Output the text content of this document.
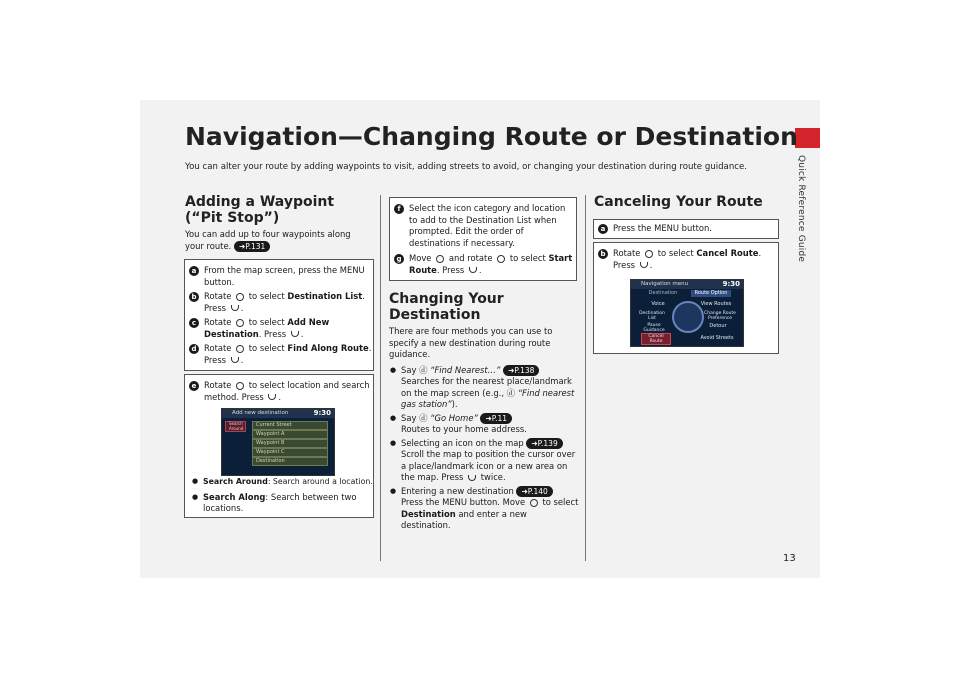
Quick Reference Guide
13
Navigation—Changing Route or Destination
You can alter your route by adding waypoints to visit, adding streets to avoid, or changing your destination during route guidance.
Adding a Waypoint
(“Pit Stop”)

You can add up to four waypoints along your route. ➜P.131

a From the map screen, press the MENU button.
b Rotate to select Destination List. Press .
c Rotate to select Add New Destination. Press .
d Rotate to select Find Along Route. Press .
e Rotate to select location and search method. Press .
Add new destination	9:30
Search Around	Current Street
Waypoint A
Waypoint B
Waypoint C
Destination
● Search Around: Search around a location.
● Search Along: Search between two locations.
f	Select the icon category and location to add to the Destination List when prompted. Edit the order of destinations if necessary.
g Move and rotate to select Start Route. Press .
Changing Your
Destination

There are four methods you can use to specify a new destination during route guidance.

● Say ⓓ “Find Nearest…” ➜P.138
Searches for the nearest place/landmark on the map screen (e.g., ⓓ “Find nearest gas station”).
● Say ⓓ “Go Home” ➜P.11
Routes to your home address.
● Selecting an icon on the map ➜P.139
Scroll the map to position the cursor over a place/landmark icon or a new area on the map. Press twice.
● Entering a new destination ➜P.140
Press the MENU button. Move to select Destination and enter a new destination.
Canceling Your Route
a Press the MENU button.
b Rotate to select Cancel Route.
Press .
Navigation menu	9:30
Destination	Route Option
Voice	View Routes
Destination List
Change Route Preference
Pause Guidance
Detour
Cancel Route
Avoid Streets
